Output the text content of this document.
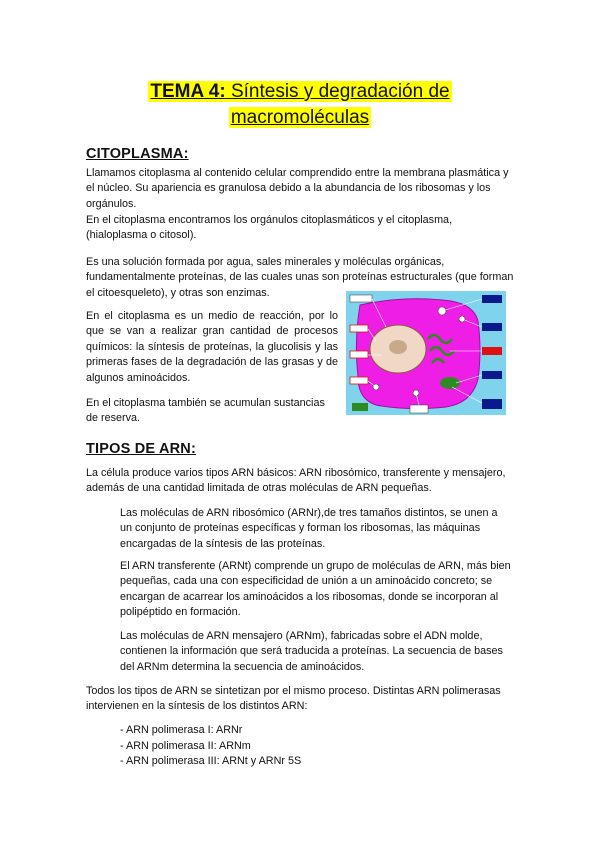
TEMA 4: Síntesis y degradación de
macromoléculas
CITOPLASMA:

Llamamos citoplasma al contenido celular comprendido entre la membrana plasmática y el núcleo. Su apariencia es granulosa debido a la abundancia de los ribosomas y los orgánulos.

En el citoplasma encontramos los orgánulos citoplasmáticos y el citoplasma, (hialoplasma o citosol).

Es una solución formada por agua, sales minerales y moléculas orgánicas, fundamentalmente proteínas, de las cuales unas son proteínas estructurales (que forman el citoesqueleto), y otras son enzimas.

En el citoplasma es un medio de reacción, por lo que se van a realizar gran cantidad de procesos químicos: la síntesis de proteínas, la glucolisis y las primeras fases de la degradación de las grasas y de algunos aminoácidos.

En el citoplasma también se acumulan sustancias de reserva.

TIPOS DE ARN:

La célula produce varios tipos ARN básicos: ARN ribosómico, transferente y mensajero, además de una cantidad limitada de otras moléculas de ARN pequeñas.

Las moléculas de ARN ribosómico (ARNr),de tres tamaños distintos, se unen a un conjunto de proteínas específicas y forman los ribosomas, las máquinas encargadas de la síntesis de las proteínas.

El ARN transferente (ARNt) comprende un grupo de moléculas de ARN, más bien pequeñas, cada una con especificidad de unión a un aminoácido concreto; se encargan de acarrear los aminoácidos a los ribosomas, donde se incorporan al polipéptido en formación.

Las moléculas de ARN mensajero (ARNm), fabricadas sobre el ADN molde, contienen la información que será traducida a proteínas. La secuencia de bases del ARNm determina la secuencia de aminoácidos.

Todos los tipos de ARN se sintetizan por el mismo proceso. Distintas ARN polimerasas intervienen en la síntesis de los distintos ARN:

- ARN polimerasa I: ARNr
- ARN polimerasa II: ARNm
- ARN polimerasa III: ARNt y ARNr 5S
